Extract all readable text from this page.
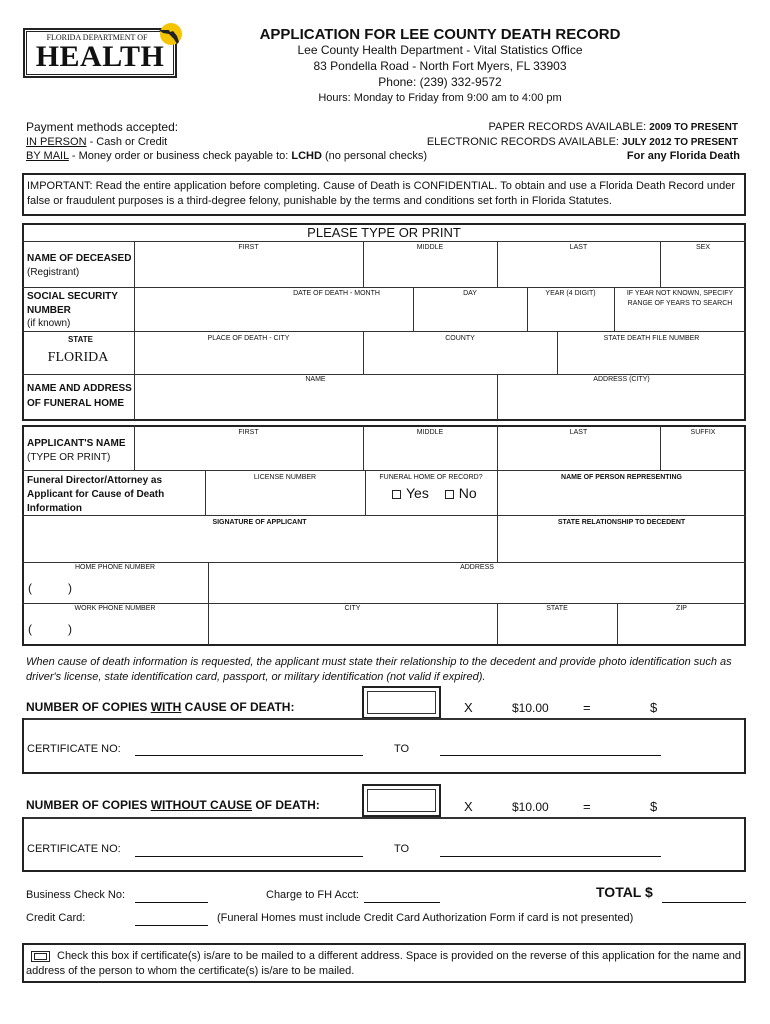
FLORIDA DEPARTMENT OF
HEALTH
APPLICATION FOR LEE COUNTY DEATH RECORD
Lee County Health Department - Vital Statistics Office
83 Pondella Road - North Fort Myers, FL 33903
Phone: (239) 332-9572
Hours: Monday to Friday from 9:00 am to 4:00 pm
Payment methods accepted:
IN PERSON - Cash or Credit
BY MAIL - Money order or business check payable to: LCHD (no personal checks)
PAPER RECORDS AVAILABLE: 2009 TO PRESENT
ELECTRONIC RECORDS AVAILABLE: JULY 2012 TO PRESENT
For any Florida Death
IMPORTANT: Read the entire application before completing. Cause of Death is CONFIDENTIAL. To obtain and use a Florida Death Record under false or fraudulent purposes is a third-degree felony, punishable by the terms and conditions set forth in Florida Statutes.
PLEASE TYPE OR PRINT
NAME OF DECEASED
(Registrant)
FIRST	MIDDLE	LAST	SEX
SOCIAL SECURITY
NUMBER
(if known)
DATE OF DEATH - MONTH	DAY	YEAR (4 DIGIT)	IF YEAR NOT KNOWN, SPECIFY
RANGE OF YEARS TO SEARCH
STATE
FLORIDA
PLACE OF DEATH - CITY	COUNTY	STATE DEATH FILE NUMBER
NAME AND ADDRESS
OF FUNERAL HOME
NAME	ADDRESS (CITY)
APPLICANT'S NAME
(TYPE OR PRINT)
FIRST	MIDDLE	LAST	SUFFIX
Funeral Director/Attorney as
Applicant for Cause of Death
Information
LICENSE NUMBER	FUNERAL HOME OF RECORD?	NAME OF PERSON REPRESENTING
Yes No
SIGNATURE OF APPLICANT	STATE RELATIONSHIP TO DECEDENT
HOME PHONE NUMBER	ADDRESS
(	)
WORK PHONE NUMBER	CITY	STATE	ZIP
(	)
When cause of death information is requested, the applicant must state their relationship to the decedent and provide photo identification such as driver's license, state identification card, passport, or military identification (not valid if expired).
NUMBER OF COPIES WITH CAUSE OF DEATH:	X	$10.00	=	$
CERTIFICATE NO:	TO
NUMBER OF COPIES WITHOUT CAUSE OF DEATH:	X	$10.00	=	$
CERTIFICATE NO:	TO
Business Check No:	Charge to FH Acct:	TOTAL $
Credit Card:	(Funeral Homes must include Credit Card Authorization Form if card is not presented)
Check this box if certificate(s) is/are to be mailed to a different address. Space is provided on the reverse of this application for the name and address of the person to whom the certificate(s) is/are to be mailed.
